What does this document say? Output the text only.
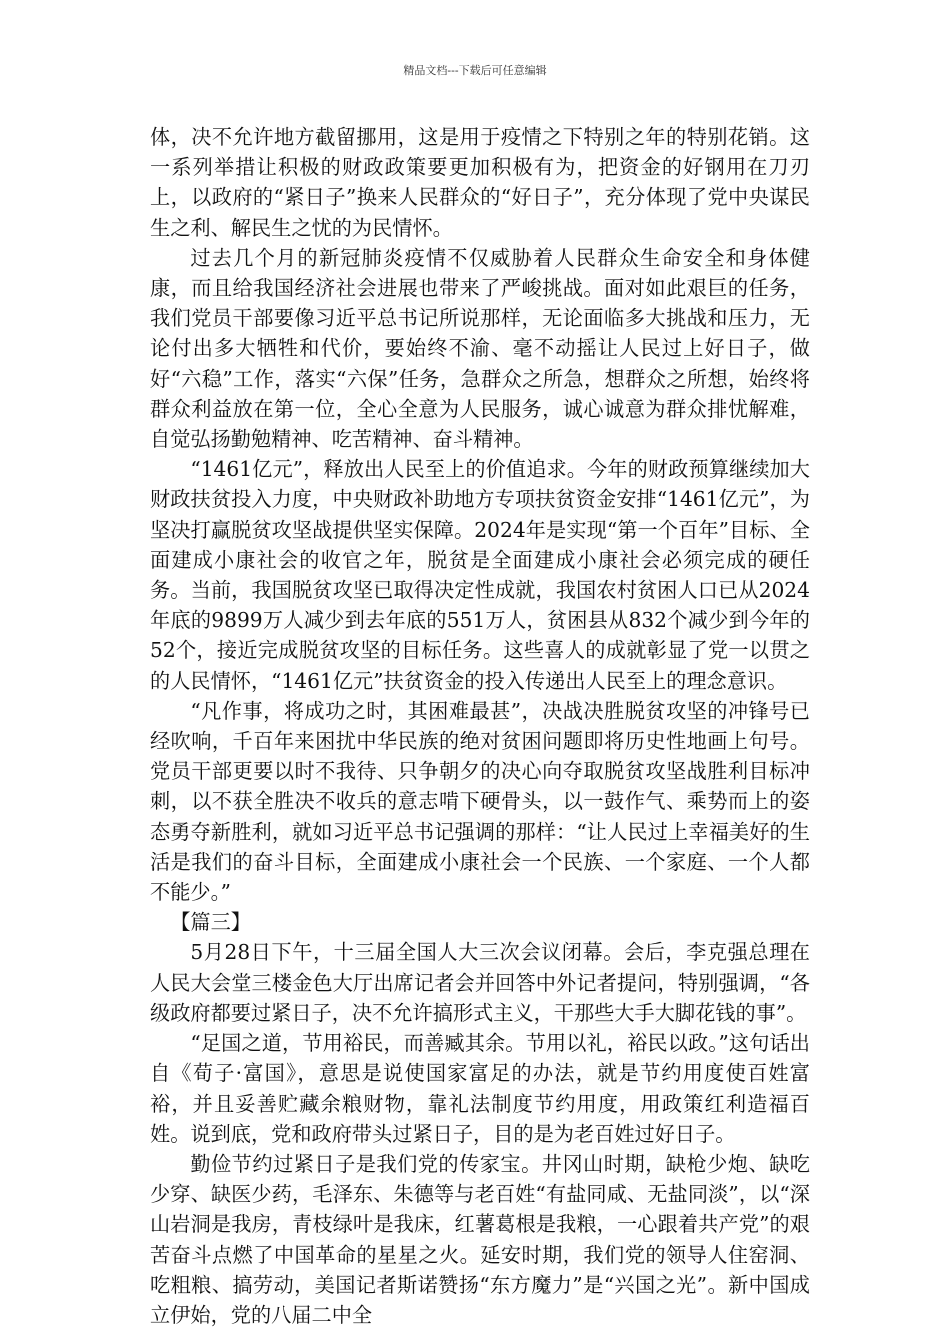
精品文档---下载后可任意编辑

体，决不允许地方截留挪用，这是用于疫情之下特别之年的特别花销。这一系列举措让积极的财政政策要更加积极有为，把资金的好钢用在刀刃上，以政府的“紧日子”换来人民群众的“好日子”，充分体现了党中央谋民生之利、解民生之忧的为民情怀。

过去几个月的新冠肺炎疫情不仅威胁着人民群众生命安全和身体健康，而且给我国经济社会进展也带来了严峻挑战。面对如此艰巨的任务，我们党员干部要像习近平总书记所说那样，无论面临多大挑战和压力，无论付出多大牺牲和代价，要始终不渝、毫不动摇让人民过上好日子，做好“六稳”工作，落实“六保”任务，急群众之所急，想群众之所想，始终将群众利益放在第一位，全心全意为人民服务，诚心诚意为群众排忧解难，自觉弘扬勤勉精神、吃苦精神、奋斗精神。

“1461亿元”，释放出人民至上的价值追求。今年的财政预算继续加大财政扶贫投入力度，中央财政补助地方专项扶贫资金安排“1461亿元”，为坚决打赢脱贫攻坚战提供坚实保障。2024年是实现“第一个百年”目标、全面建成小康社会的收官之年，脱贫是全面建成小康社会必须完成的硬任务。当前，我国脱贫攻坚已取得决定性成就，我国农村贫困人口已从2024年底的9899万人减少到去年底的551万人，贫困县从832个减少到今年的52个，接近完成脱贫攻坚的目标任务。这些喜人的成就彰显了党一以贯之的人民情怀，“1461亿元”扶贫资金的投入传递出人民至上的理念意识。

“凡作事，将成功之时，其困难最甚”，决战决胜脱贫攻坚的冲锋号已经吹响，千百年来困扰中华民族的绝对贫困问题即将历史性地画上句号。党员干部更要以时不我待、只争朝夕的决心向夺取脱贫攻坚战胜利目标冲刺，以不获全胜决不收兵的意志啃下硬骨头，以一鼓作气、乘势而上的姿态勇夺新胜利，就如习近平总书记强调的那样：“让人民过上幸福美好的生活是我们的奋斗目标，全面建成小康社会一个民族、一个家庭、一个人都不能少。”

【篇三】

5月28日下午，十三届全国人大三次会议闭幕。会后，李克强总理在人民大会堂三楼金色大厅出席记者会并回答中外记者提问，特别强调，“各级政府都要过紧日子，决不允许搞形式主义，干那些大手大脚花钱的事”。

“足国之道，节用裕民，而善臧其余。节用以礼，裕民以政。”这句话出自《荀子·富国》，意思是说使国家富足的办法，就是节约用度使百姓富裕，并且妥善贮藏余粮财物，靠礼法制度节约用度，用政策红利造福百姓。说到底，党和政府带头过紧日子，目的是为老百姓过好日子。

勤俭节约过紧日子是我们党的传家宝。井冈山时期，缺枪少炮、缺吃少穿、缺医少药，毛泽东、朱德等与老百姓“有盐同咸、无盐同淡”，以“深山岩洞是我房，青枝绿叶是我床，红薯葛根是我粮，一心跟着共产党”的艰苦奋斗点燃了中国革命的星星之火。延安时期，我们党的领导人住窑洞、吃粗粮、搞劳动，美国记者斯诺赞扬“东方魔力”是“兴国之光”。新中国成立伊始，党的八届二中全
